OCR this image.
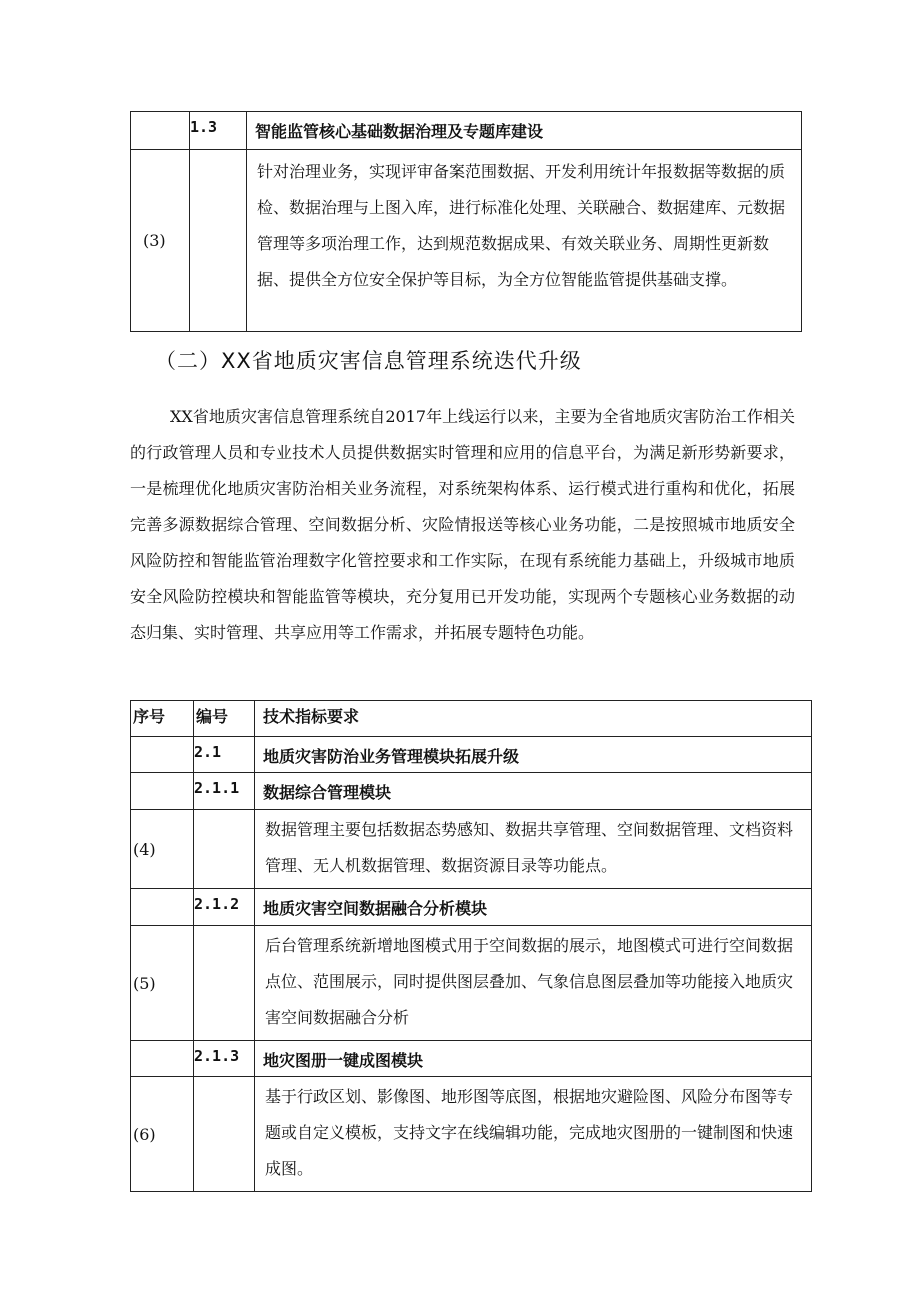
	1.3	智能监管核心基础数据治理及专题库建设
(3)		针对治理业务，实现评审备案范围数据、开发利用统计年报数据等数据的质检、数据治理与上图入库，进行标准化处理、关联融合、数据建库、元数据管理等多项治理工作，达到规范数据成果、有效关联业务、周期性更新数据、提供全方位安全保护等目标，为全方位智能监管提供基础支撑。
（二）XX省地质灾害信息管理系统迭代升级
XX省地质灾害信息管理系统自2017年上线运行以来，主要为全省地质灾害防治工作相关的行政管理人员和专业技术人员提供数据实时管理和应用的信息平台，为满足新形势新要求，一是梳理优化地质灾害防治相关业务流程，对系统架构体系、运行模式进行重构和优化，拓展完善多源数据综合管理、空间数据分析、灾险情报送等核心业务功能，二是按照城市地质安全风险防控和智能监管治理数字化管控要求和工作实际，在现有系统能力基础上，升级城市地质安全风险防控模块和智能监管等模块，充分复用已开发功能，实现两个专题核心业务数据的动态归集、实时管理、共享应用等工作需求，并拓展专题特色功能。
序号	编号	技术指标要求
	2.1	地质灾害防治业务管理模块拓展升级
	2.1.1	数据综合管理模块
(4)		数据管理主要包括数据态势感知、数据共享管理、空间数据管理、文档资料管理、无人机数据管理、数据资源目录等功能点。
	2.1.2	地质灾害空间数据融合分析模块
(5)		后台管理系统新增地图模式用于空间数据的展示，地图模式可进行空间数据点位、范围展示，同时提供图层叠加、气象信息图层叠加等功能接入地质灾害空间数据融合分析
	2.1.3	地灾图册一键成图模块
(6)		基于行政区划、影像图、地形图等底图，根据地灾避险图、风险分布图等专题或自定义模板，支持文字在线编辑功能，完成地灾图册的一键制图和快速成图。
